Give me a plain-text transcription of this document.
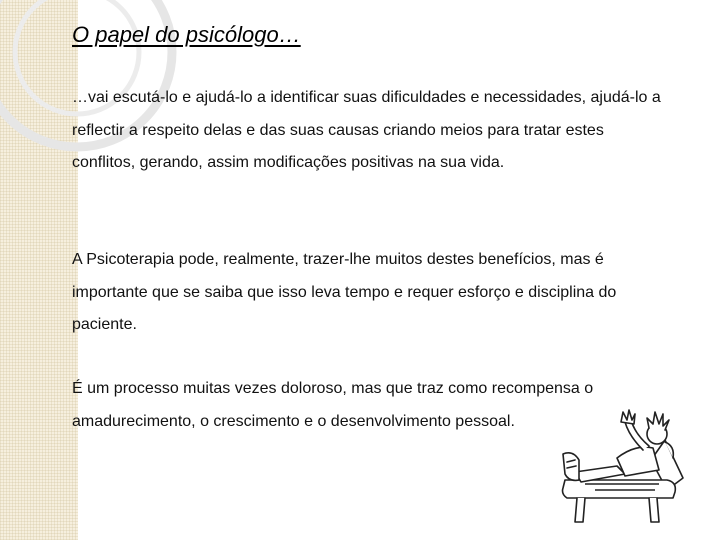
O papel do psicólogo…

…vai escutá-lo e ajudá-lo a identificar suas dificuldades e necessidades, ajudá-lo a reflectir a respeito delas e das suas causas criando meios para tratar estes conflitos, gerando, assim modificações positivas na sua vida.

A Psicoterapia pode, realmente, trazer-lhe muitos destes benefícios, mas é importante que se saiba que isso leva tempo e requer esforço e disciplina do paciente.

É um processo muitas vezes doloroso, mas que traz como recompensa o amadurecimento, o crescimento e o desenvolvimento pessoal.
